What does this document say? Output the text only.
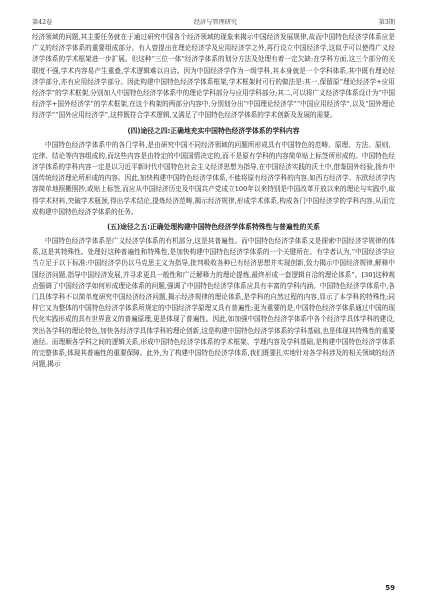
第42卷	经济与管理研究	第3期

经济领域的问题,其主要任务就在于通过研究中国各个经济领域的现象来揭示中国经济发展规律,故而中国特色经济学体系应是广义的经济学体系的重要组成部分。有人曾提出在理论经济学及应用经济学之外,再行设立中国经济学,这似乎可以使得广义经济学体系的学术框架进一步扩展。但这种“三位一体”经济学体系的划分方法及处理有着一定欠缺:在学科方面,这三个部分的关联度不强,学术内容易产生重叠,学术逻辑难以自洽。因为中国经济学作为一级学科,其本身就是一个学科体系,其中既有理论经济学部分,亦有应用经济学部分。因此构建中国特色经济学体系框架,学术框架时可行的做法是:其一,保留原“理论经济学+应用经济学”的学术框架,分别加入中国特色经济学体系中的理论学科部分与应用学科部分;其二,可以将广义经济学体系设计为“中国经济学+国外经济学”的学术框架,在这个构架的两部分内容中,分别划分出“中国理论经济学”“中国应用经济学”,以及“国外理论经济学”“国外应用经济学”,这样既符合学术逻辑,又满足了中国特色经济学体系的学术创新及发展的需要。

(四)途径之四:正确地充实中国特色经济学体系的学科内容

中国特色经济学体系中的各门学科,是由研究中国不同经济领域的问题所形成具有中国特色的范畴、原理、方法、原则、定律、结论等内容组成的,而这些内容是由特定的中国国情决定的,而不是原有学科的内容简单贴上标签所形成的。中国特色经济学体系的学科内容一定是以习近平新时代中国特色社会主义经济思想为指导,在中国经济实践的沃土中,借鉴国外经验,扬弃中国传统经济理论所形成的内容。因此,加快构建中国特色经济学体系,不能将原有经济学科的内容,如西方经济学、东欧经济学内容简单地照搬照抄,或贴上标签,而应从中国经济历史及中国共产党成立100年以来特别是中国改革开放以来的理论与实践中,取得学术材料,突破学术瓶颈,得出学术结论,提炼经济范畴,揭示经济规律,形成学术体系,构成各门中国经济学的学科内容,从而完成构建中国特色经济学体系的任务。

(五)途径之五:正确处理构建中国特色经济学体系特殊性与普遍性的关系

中国特色经济学体系是广义经济学体系的有机部分,这是其普遍性。而中国特色经济学体系又是探索中国经济学规律的体系,这是其特殊性。处理好这种普遍性和特殊性,是加快构建中国特色经济学体系的一个关键所在。有学者认为,“中国经济学应当立足于以下标准:中国经济学仍以马克思主义为指导,批判吸收各种已有经济思想并实现创新,致力揭示中国经济规律,解释中国经济问题,指导中国经济发展,并寻求更具一般性和广泛解释力的理论提炼,最终形成一套逻辑自洽的理论体系”。[30]这种观点强调了中国经济学如何形成理论体系的问题,强调了中国特色经济学体系应具有丰富的学科内涵。中国特色经济学体系中,各门具体学科不以简单度研究中国经济经济问题,揭示经济规律的理论体系,是学科的自然过程的内容,显示了本学科的特殊性;同样它又为整体的中国特色经济学体系所规定的中国经济学原理又具有普遍性;更为重要的是,中国特色经济学体系通过中国的现代化实践形成的具有世界意义的普遍原理,更是体现了普遍性。因此,如加强中国特色经济学体系中各个经济学具体学科的建设,突出各学科的理论特色,加快各经济学具体学科的理论创新,这是构建中国特色经济学体系的学科基础,也是体现其特殊性的重要途径。而理顺各学科之间的逻辑关系,形成中国特色经济学体系的学术框架、学理内容及学科基础,是构建中国特色经济学体系的完整体系,体现其普遍性的重要保障。此外,为了构建中国特色经济学体系,我们既要扎实地针对各学科涉及的相关领域的经济问题,揭示

59
